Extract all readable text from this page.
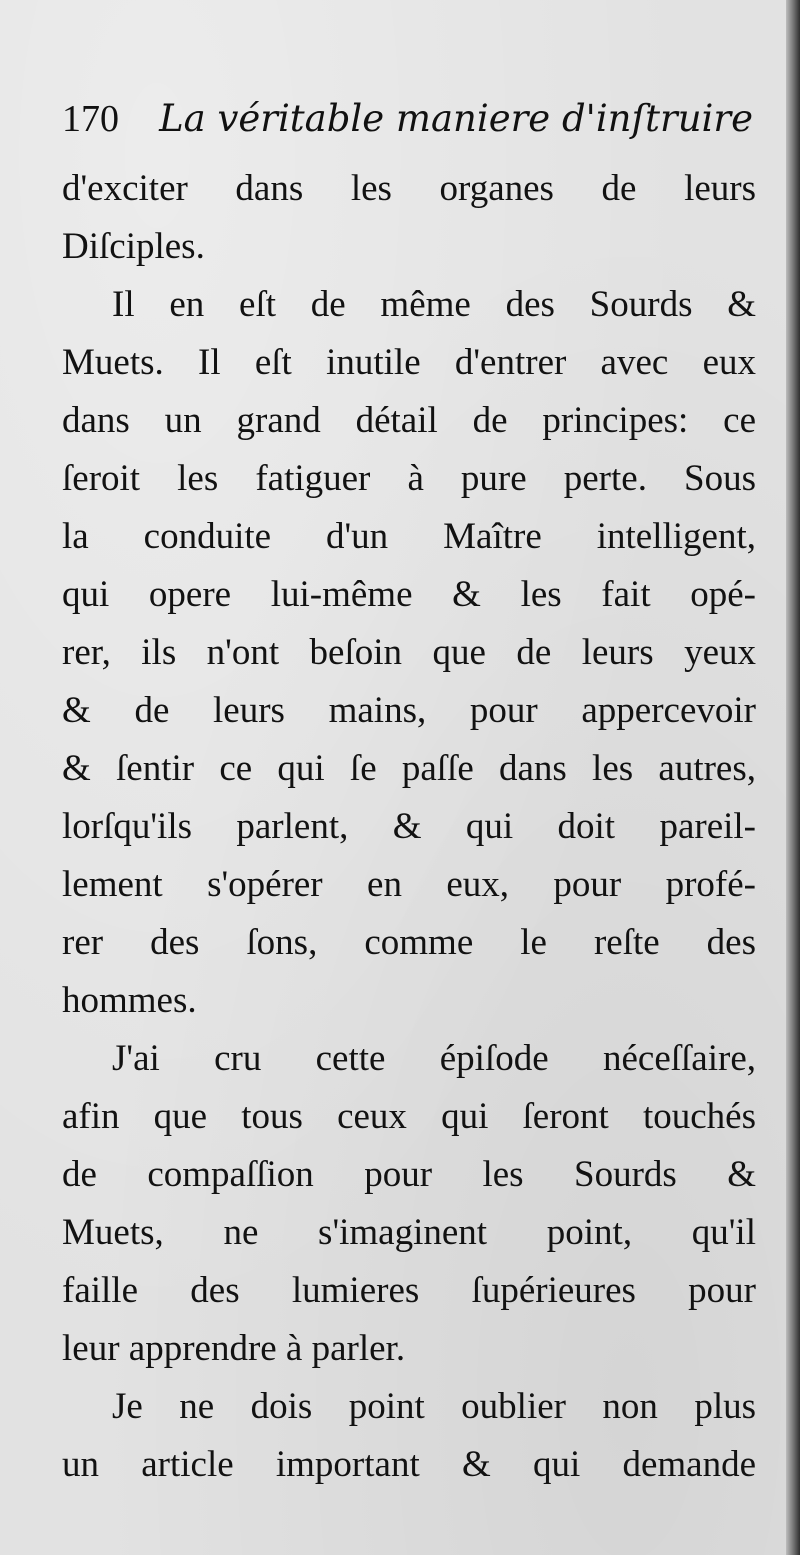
170 La véritable maniere d'inſtruire
d'exciter dans les organes de leurs
Diſciples.
Il en eſt de même des Sourds &
Muets. Il eſt inutile d'entrer avec eux
dans un grand détail de principes: ce
ſeroit les fatiguer à pure perte. Sous
la conduite d'un Maître intelligent,
qui opere lui-même & les fait opé-
rer, ils n'ont beſoin que de leurs yeux
& de leurs mains, pour appercevoir
& ſentir ce qui ſe paſſe dans les autres,
lorſqu'ils parlent, & qui doit pareil-
lement s'opérer en eux, pour profé-
rer des ſons, comme le reſte des
hommes.
J'ai cru cette épiſode néceſſaire,
afin que tous ceux qui ſeront touchés
de compaſſion pour les Sourds &
Muets, ne s'imaginent point, qu'il
faille des lumieres ſupérieures pour
leur apprendre à parler.
Je ne dois point oublier non plus
un article important & qui demande
